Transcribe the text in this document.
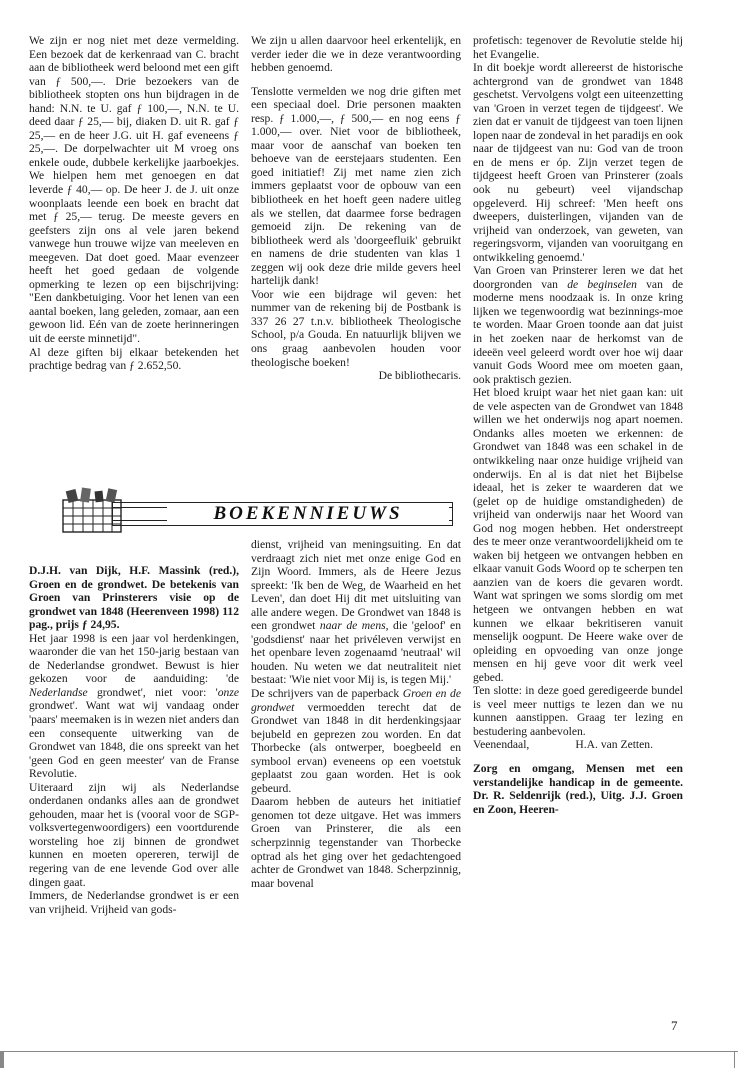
We zijn er nog niet met deze vermelding. Een bezoek dat de kerkenraad van C. bracht aan de bibliotheek werd beloond met een gift van ƒ 500,—. Drie bezoekers van de bibliotheek stopten ons hun bijdragen in de hand: N.N. te U. gaf ƒ 100,—, N.N. te U. deed daar ƒ 25,— bij, diaken D. uit R. gaf ƒ 25,— en de heer J.G. uit H. gaf eveneens ƒ 25,—. De dorpelwachter uit M vroeg ons enkele oude, dubbele kerkelijke jaarboekjes. We hielpen hem met genoegen en dat leverde ƒ 40,— op. De heer J. de J. uit onze woonplaats leende een boek en bracht dat met ƒ 25,— terug. De meeste gevers en geefsters zijn ons al vele jaren bekend vanwege hun trouwe wijze van meeleven en meegeven. Dat doet goed. Maar evenzeer heeft het goed gedaan de volgende opmerking te lezen op een bijschrijving: "Een dankbetuiging. Voor het lenen van een aantal boeken, lang geleden, zomaar, aan een gewoon lid. Eén van de zoete herinneringen uit de eerste minnetijd".

Al deze giften bij elkaar betekenden het prachtige bedrag van ƒ 2.652,50.

We zijn u allen daarvoor heel erkentelijk, en verder ieder die we in deze verantwoording hebben genoemd.

Tenslotte vermelden we nog drie giften met een speciaal doel. Drie personen maakten resp. ƒ 1.000,—, ƒ 500,— en nog eens ƒ 1.000,— over. Niet voor de bibliotheek, maar voor de aanschaf van boeken ten behoeve van de eerstejaars studenten. Een goed initiatief! Zij met name zien zich immers geplaatst voor de opbouw van een bibliotheek en het hoeft geen nadere uitleg als we stellen, dat daarmee forse bedragen gemoeid zijn. De rekening van de bibliotheek werd als 'doorgeefluik' gebruikt en namens de drie studenten van klas 1 zeggen wij ook deze drie milde gevers heel hartelijk dank!

Voor wie een bijdrage wil geven: het nummer van de rekening bij de Postbank is 337 26 27 t.n.v. bibliotheek Theologische School, p/a Gouda. En natuurlijk blijven we ons graag aanbevolen houden voor theologische boeken!

De bibliothecaris.

BOEKENNIEUWS

D.J.H. van Dijk, H.F. Massink (red.), Groen en de grondwet. De betekenis van Groen van Prinsterers visie op de grondwet van 1848 (Heerenveen 1998) 112 pag., prijs ƒ 24,95.

Het jaar 1998 is een jaar vol herdenkingen, waaronder die van het 150-jarig bestaan van de Nederlandse grondwet. Bewust is hier gekozen voor de aanduiding: 'de Nederlandse grondwet', niet voor: 'onze grondwet'. Want wat wij vandaag onder 'paars' meemaken is in wezen niet anders dan een consequente uitwerking van de Grondwet van 1848, die ons spreekt van het 'geen God en geen meester' van de Franse Revolutie.

Uiteraard zijn wij als Nederlandse onderdanen ondanks alles aan de grondwet gehouden, maar het is (vooral voor de SGP-volksvertegenwoordigers) een voortdurende worsteling hoe zij binnen de grondwet kunnen en moeten opereren, terwijl de regering van de ene levende God over alle dingen gaat.

Immers, de Nederlandse grondwet is er een van vrijheid. Vrijheid van gods-

dienst, vrijheid van meningsuiting. En dat verdraagt zich niet met onze enige God en Zijn Woord. Immers, als de Heere Jezus spreekt: 'Ik ben de Weg, de Waarheid en het Leven', dan doet Hij dit met uitsluiting van alle andere wegen. De Grondwet van 1848 is een grondwet naar de mens, die 'geloof' en 'godsdienst' naar het privéleven verwijst en het openbare leven zogenaamd 'neutraal' wil houden. Nu weten we dat neutraliteit niet bestaat: 'Wie niet voor Mij is, is tegen Mij.'

De schrijvers van de paperback Groen en de grondwet vermoedden terecht dat de Grondwet van 1848 in dit herdenkingsjaar bejubeld en geprezen zou worden. En dat Thorbecke (als ontwerper, boegbeeld en symbool ervan) eveneens op een voetstuk geplaatst zou gaan worden. Het is ook gebeurd.

Daarom hebben de auteurs het initiatief genomen tot deze uitgave. Het was immers Groen van Prinsterer, die als een scherpzinnig tegenstander van Thorbecke optrad als het ging over het gedachtengoed achter de Grondwet van 1848. Scherpzinnig, maar bovenal

profetisch: tegenover de Revolutie stelde hij het Evangelie.

In dit boekje wordt allereerst de historische achtergrond van de grondwet van 1848 geschetst. Vervolgens volgt een uiteenzetting van 'Groen in verzet tegen de tijdgeest'. We zien dat er vanuit de tijdgeest van toen lijnen lopen naar de zondeval in het paradijs en ook naar de tijdgeest van nu: God van de troon en de mens er óp. Zijn verzet tegen de tijdgeest heeft Groen van Prinsterer (zoals ook nu gebeurt) veel vijandschap opgeleverd. Hij schreef: 'Men heeft ons dweepers, duisterlingen, vijanden van de vrijheid van onderzoek, van geweten, van regeringsvorm, vijanden van vooruitgang en ontwikkeling genoemd.'

Van Groen van Prinsterer leren we dat het doorgronden van de beginselen van de moderne mens noodzaak is. In onze kring lijken we tegenwoordig wat bezinnings-moe te worden. Maar Groen toonde aan dat juist in het zoeken naar de herkomst van de ideeën veel geleerd wordt over hoe wij daar vanuit Gods Woord mee om moeten gaan, ook praktisch gezien.

Het bloed kruipt waar het niet gaan kan: uit de vele aspecten van de Grondwet van 1848 willen we het onderwijs nog apart noemen. Ondanks alles moeten we erkennen: de Grondwet van 1848 was een schakel in de ontwikkeling naar onze huidige vrijheid van onderwijs. En al is dat niet het Bijbelse ideaal, het is zeker te waarderen dat we (gelet op de huidige omstandigheden) de vrijheid van onderwijs naar het Woord van God nog mogen hebben. Het onderstreept des te meer onze verantwoordelijkheid om te waken bij hetgeen we ontvangen hebben en elkaar vanuit Gods Woord op te scherpen ten aanzien van de koers die gevaren wordt. Want wat springen we soms slordig om met hetgeen we ontvangen hebben en wat kunnen we elkaar bekritiseren vanuit menselijk oogpunt. De Heere wake over de opleiding en opvoeding van onze jonge mensen en hij geve voor dit werk veel gebed.

Ten slotte: in deze goed geredigeerde bundel is veel meer nuttigs te lezen dan we nu kunnen aanstippen. Graag ter lezing en bestudering aanbevolen.

Veenendaal,	H.A. van Zetten.

Zorg en omgang, Mensen met een verstandelijke handicap in de gemeente. Dr. R. Seldenrijk (red.), Uitg. J.J. Groen en Zoon, Heeren-

7
